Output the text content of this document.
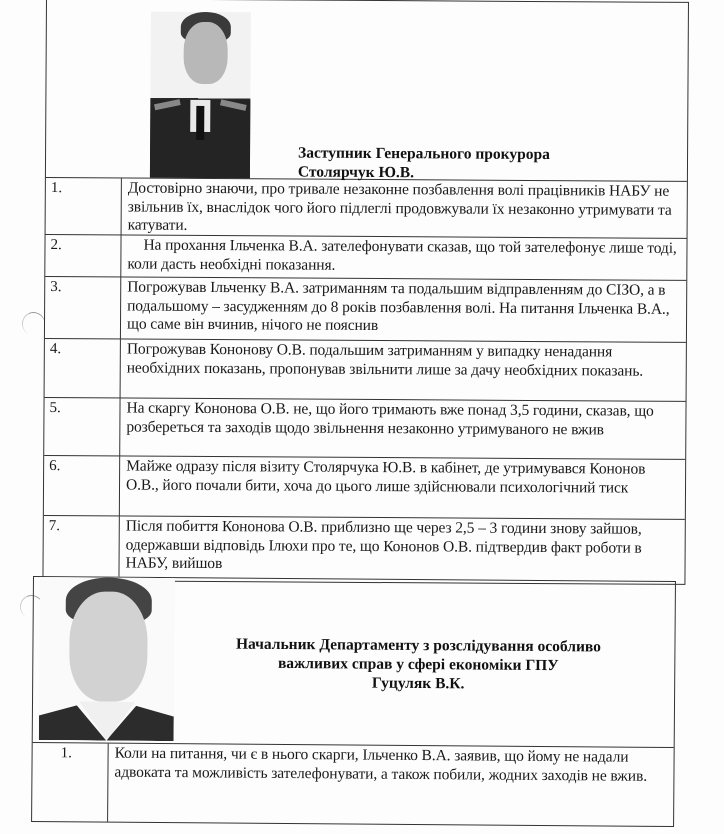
Заступник Генерального прокурора
Столярчук Ю.В.
1.	Достовірно знаючи, про тривале незаконне позбавлення волі працівників НАБУ не звільнив їх, внаслідок чого його підлеглі продовжували їх незаконно утримувати та катувати.
2.	На прохання Ільченка В.А. зателефонувати сказав, що той зателефонує лише тоді, коли дасть необхідні показання.
3.	Погрожував Ільченку В.А. затриманням та подальшим відправленням до СІЗО, а в подальшому – засудженням до 8 років позбавлення волі. На питання Ільченка В.А., що саме він вчинив, нічого не пояснив
4.	Погрожував Кононову О.В. подальшим затриманням у випадку ненадання необхідних показань, пропонував звільнити лише за дачу необхідних показань.
5.	На скаргу Кононова О.В. не, що його тримають вже понад 3,5 години, сказав, що розбереться та заходів щодо звільнення незаконно утримуваного не вжив
6.	Майже одразу після візиту Столярчука Ю.В. в кабінет, де утримувався Кононов О.В., його почали бити, хоча до цього лише здійснювали психологічний тиск
7.	Після побиття Кононова О.В. приблизно ще через 2,5 – 3 години знову зайшов, одержавши відповідь Ілюхи про те, що Кононов О.В. підтвердив факт роботи в НАБУ, вийшов
Начальник Департаменту з розслідування особливо
важливих справ у сфері економіки ГПУ
Гуцуляк В.К.
1.	Коли на питання, чи є в нього скарги, Ільченко В.А. заявив, що йому не надали адвоката та можливість зателефонувати, а також побили, жодних заходів не вжив.
